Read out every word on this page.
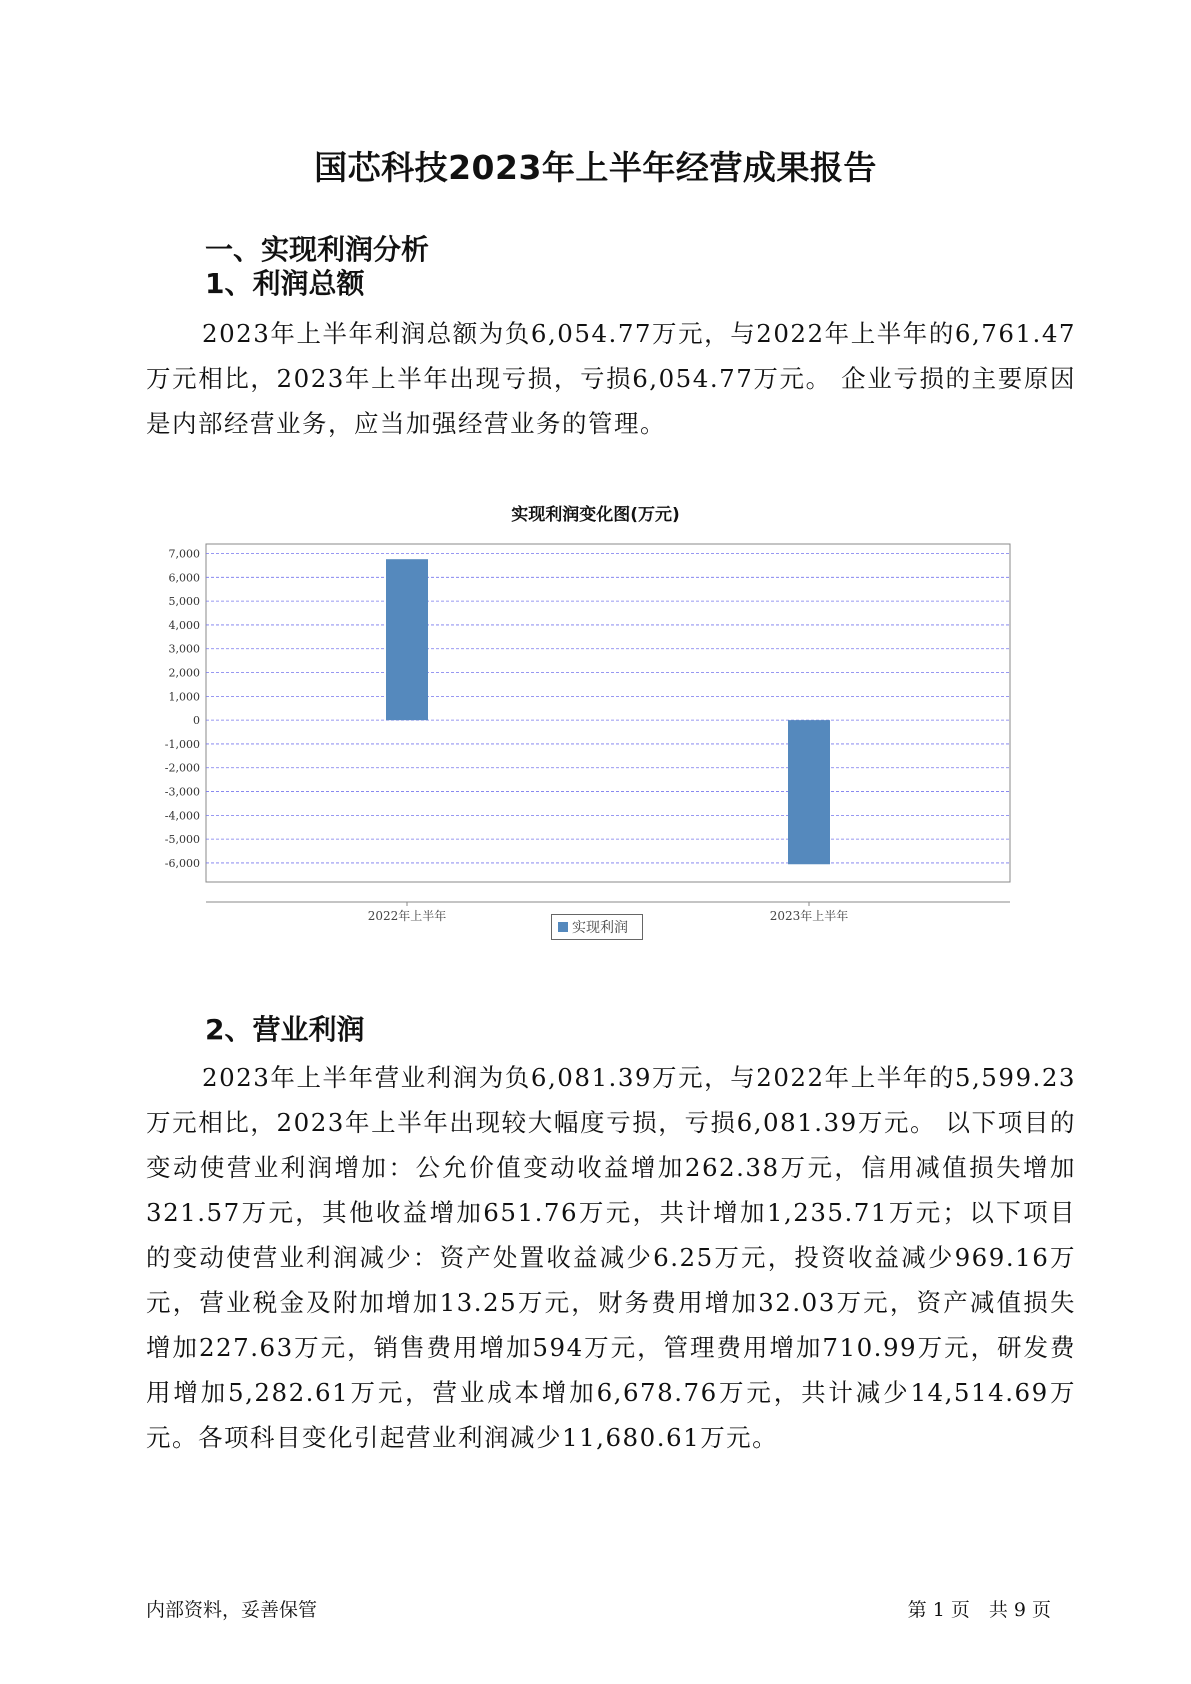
国芯科技2023年上半年经营成果报告
一、实现利润分析
1、利润总额
2023年上半年利润总额为负6,054.77万元，与2022年上半年的6,761.47万元相比，2023年上半年出现亏损，亏损6,054.77万元。 企业亏损的主要原因是内部经营业务，应当加强经营业务的管理。
实现利润变化图(万元)
7,000
6,000
5,000
4,000
3,000
2,000
1,000
0
-1,000
-2,000
-3,000
-4,000
-5,000
-6,000
2022年上半年	2023年上半年
实现利润
2、营业利润
2023年上半年营业利润为负6,081.39万元，与2022年上半年的5,599.23万元相比，2023年上半年出现较大幅度亏损，亏损6,081.39万元。 以下项目的变动使营业利润增加：公允价值变动收益增加262.38万元，信用减值损失增加321.57万元，其他收益增加651.76万元，共计增加1,235.71万元；以下项目的变动使营业利润减少：资产处置收益减少6.25万元，投资收益减少969.16万元，营业税金及附加增加13.25万元，财务费用增加32.03万元，资产减值损失增加227.63万元，销售费用增加594万元，管理费用增加710.99万元，研发费用增加5,282.61万元，营业成本增加6,678.76万元，共计减少14,514.69万元。各项科目变化引起营业利润减少11,680.61万元。
内部资料，妥善保管	第 1 页　共 9 页
